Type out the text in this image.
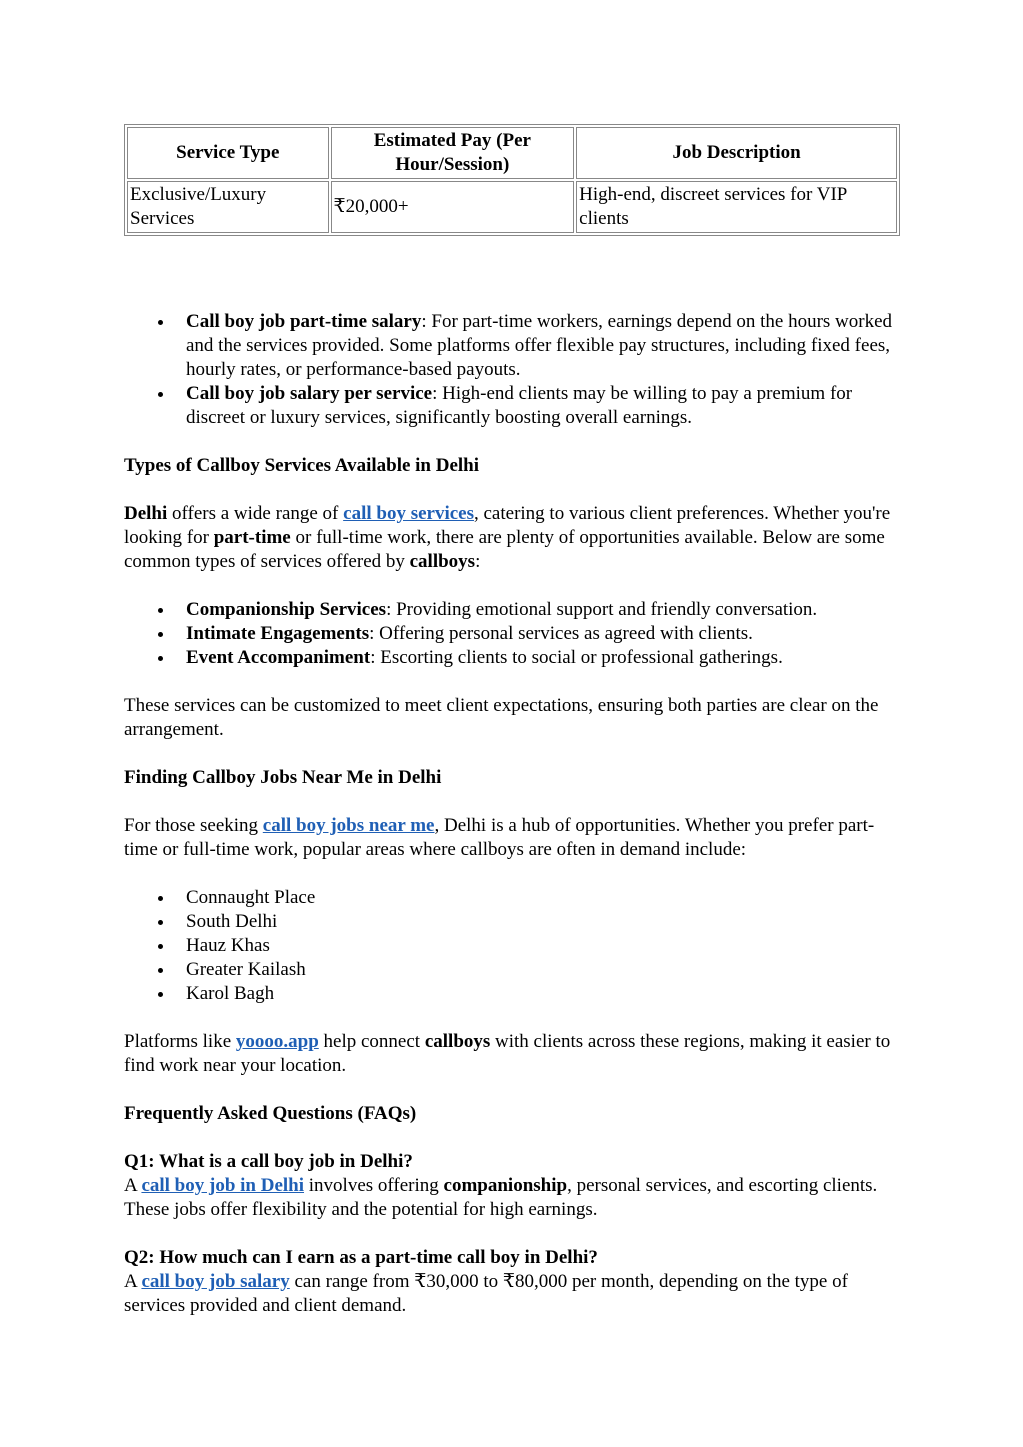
Service Type	Estimated Pay (Per Hour/Session)	Job Description
Exclusive/Luxury Services	₹20,000+	High-end, discreet services for VIP clients
Call boy job part-time salary: For part-time workers, earnings depend on the hours worked and the services provided. Some platforms offer flexible pay structures, including fixed fees, hourly rates, or performance-based payouts.
Call boy job salary per service: High-end clients may be willing to pay a premium for discreet or luxury services, significantly boosting overall earnings.

Types of Callboy Services Available in Delhi

Delhi offers a wide range of call boy services, catering to various client preferences. Whether you're looking for part-time or full-time work, there are plenty of opportunities available. Below are some common types of services offered by callboys:

Companionship Services: Providing emotional support and friendly conversation.
Intimate Engagements: Offering personal services as agreed with clients.
Event Accompaniment: Escorting clients to social or professional gatherings.

These services can be customized to meet client expectations, ensuring both parties are clear on the arrangement.

Finding Callboy Jobs Near Me in Delhi

For those seeking call boy jobs near me, Delhi is a hub of opportunities. Whether you prefer part-time or full-time work, popular areas where callboys are often in demand include:

Connaught Place
South Delhi
Hauz Khas
Greater Kailash
Karol Bagh

Platforms like yoooo.app help connect callboys with clients across these regions, making it easier to find work near your location.

Frequently Asked Questions (FAQs)

Q1: What is a call boy job in Delhi?

A call boy job in Delhi involves offering companionship, personal services, and escorting clients. These jobs offer flexibility and the potential for high earnings.

Q2: How much can I earn as a part-time call boy in Delhi?

A call boy job salary can range from ₹30,000 to ₹80,000 per month, depending on the type of services provided and client demand.
